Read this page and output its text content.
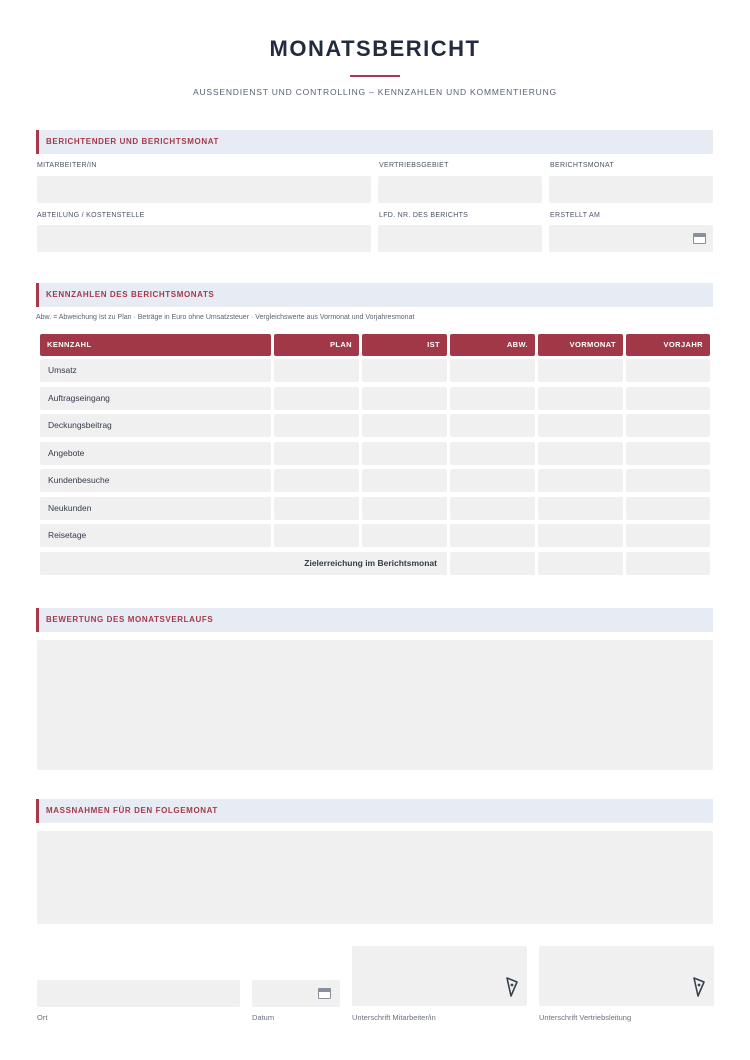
MONATSBERICHT
AUSSENDIENST UND CONTROLLING – KENNZAHLEN UND KOMMENTIERUNG
BERICHTENDER UND BERICHTSMONAT
MITARBEITER/IN	VERTRIEBSGEBIET	BERICHTSMONAT
ABTEILUNG / KOSTENSTELLE	LFD. NR. DES BERICHTS	ERSTELLT AM
KENNZAHLEN DES BERICHTSMONATS
Abw. = Abweichung Ist zu Plan · Beträge in Euro ohne Umsatzsteuer · Vergleichswerte aus Vormonat und Vorjahresmonat
KENNZAHL	PLAN	IST	ABW.	VORMONAT	VORJAHR
Umsatz
Auftragseingang
Deckungsbeitrag
Angebote
Kundenbesuche
Neukunden
Reisetage
Zielerreichung im Berichtsmonat
BEWERTUNG DES MONATSVERLAUFS
MASSNAHMEN FÜR DEN FOLGEMONAT
Ort	Datum	Unterschrift Mitarbeiter/in	Unterschrift Vertriebsleitung
